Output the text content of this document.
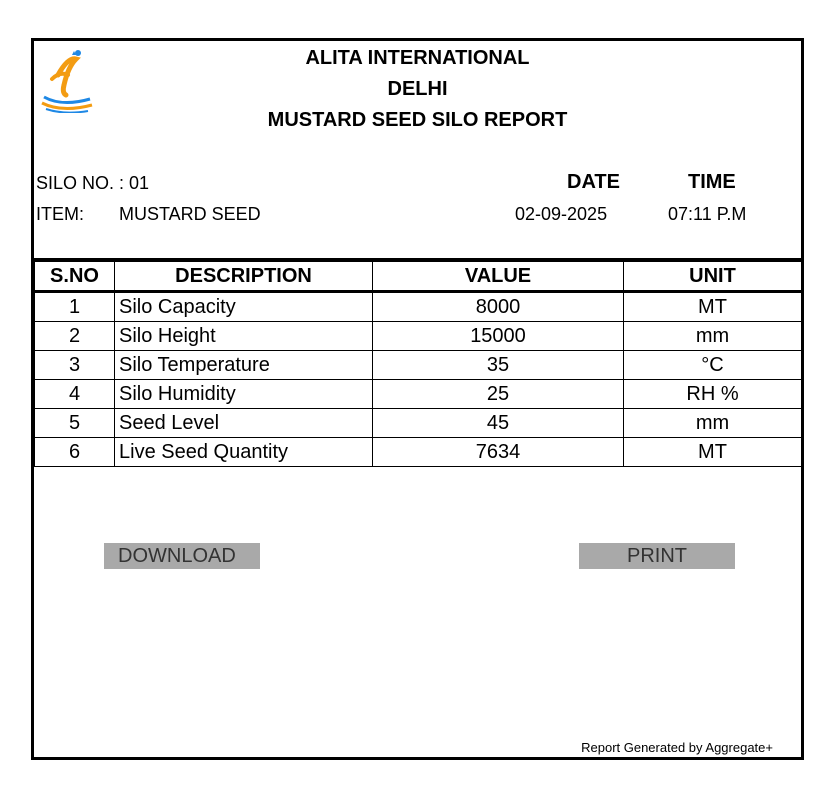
ALITA INTERNATIONAL
DELHI
MUSTARD SEED SILO REPORT
SILO NO. : 01
ITEM: MUSTARD SEED
DATE
02-09-2025
TIME
07:11 P.M
S.NO	DESCRIPTION	VALUE	UNIT
1	Silo Capacity	8000	MT
2	Silo Height	15000	mm
3	Silo Temperature	35	°C
4	Silo Humidity	25	RH %
5	Seed Level	45	mm
6	Live Seed Quantity	7634	MT
DOWNLOAD	PRINT
Report Generated by Aggregate+
